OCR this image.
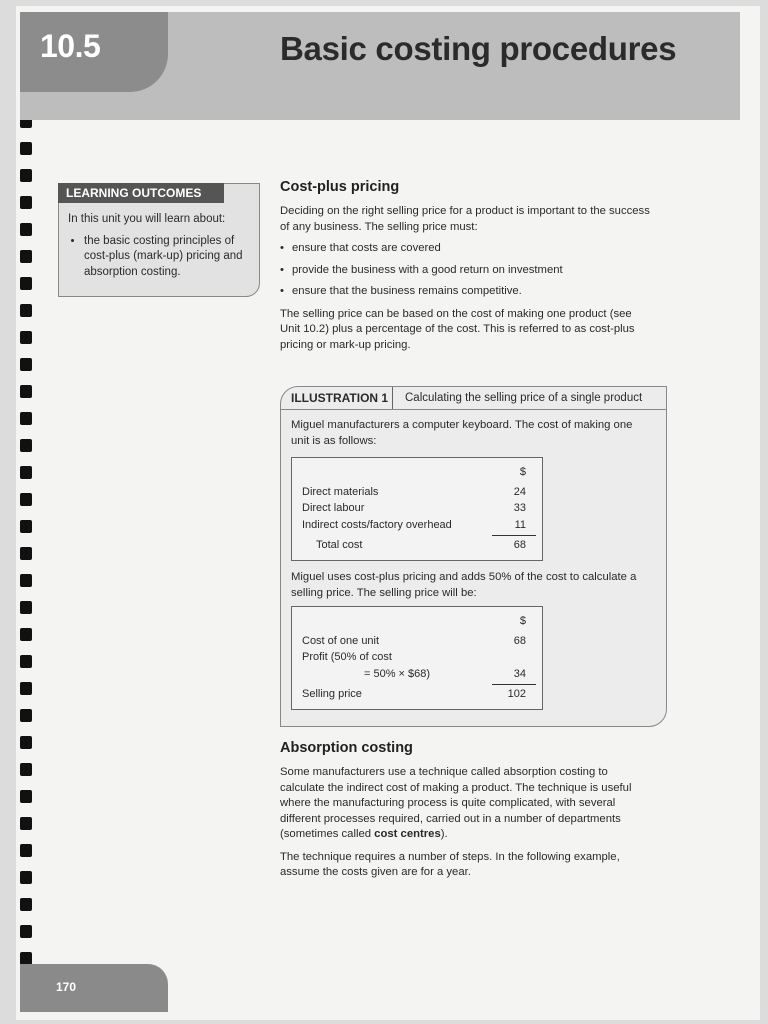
10.5	Basic costing procedures
LEARNING OUTCOMES
In this unit you will learn about:
• the basic costing principles of cost-plus (mark-up) pricing and absorption costing.
Cost-plus pricing

Deciding on the right selling price for a product is important to the success of any business. The selling price must:

• ensure that costs are covered
• provide the business with a good return on investment
• ensure that the business remains competitive.

The selling price can be based on the cost of making one product (see Unit 10.2) plus a percentage of the cost. This is referred to as cost-plus pricing or mark-up pricing.

ILLUSTRATION 1	Calculating the selling price of a single product
Miguel manufacturers a computer keyboard. The cost of making one unit is as follows:
$
Direct materials	24
Direct labour	33
Indirect costs/factory overhead	11
Total cost	68
Miguel uses cost-plus pricing and adds 50% of the cost to calculate a selling price. The selling price will be:
$
Cost of one unit	68
Profit (50% of cost
= 50% × $68)	34
Selling price	102
Absorption costing

Some manufacturers use a technique called absorption costing to calculate the indirect cost of making a product. The technique is useful where the manufacturing process is quite complicated, with several different processes required, carried out in a number of departments (sometimes called cost centres).

The technique requires a number of steps. In the following example, assume the costs given are for a year.

170
